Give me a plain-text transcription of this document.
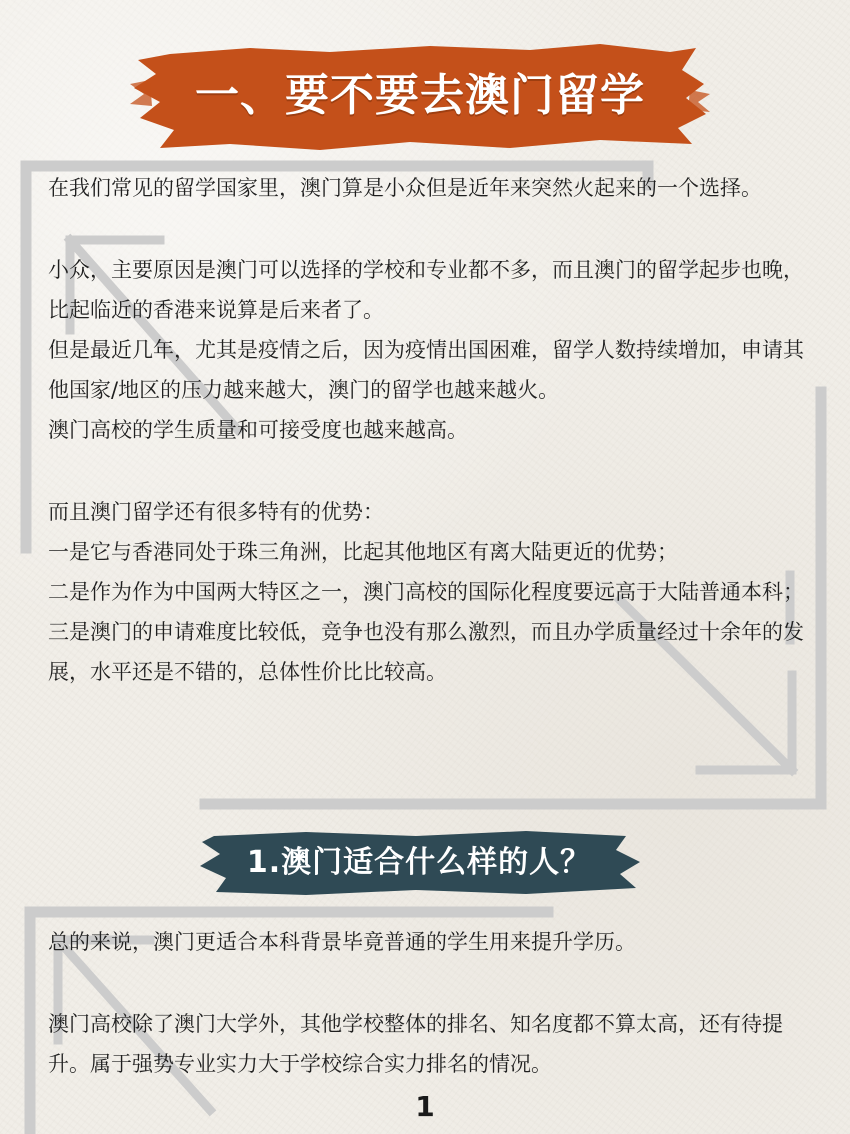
一、要不要去澳门留学

在我们常见的留学国家里，澳门算是小众但是近年来突然火起来的一个选择。

小众，主要原因是澳门可以选择的学校和专业都不多，而且澳门的留学起步也晚，比起临近的香港来说算是后来者了。

但是最近几年，尤其是疫情之后，因为疫情出国困难，留学人数持续增加，申请其他国家/地区的压力越来越大，澳门的留学也越来越火。

澳门高校的学生质量和可接受度也越来越高。

而且澳门留学还有很多特有的优势：

一是它与香港同处于珠三角洲，比起其他地区有离大陆更近的优势；

二是作为作为中国两大特区之一，澳门高校的国际化程度要远高于大陆普通本科；

三是澳门的申请难度比较低，竞争也没有那么激烈，而且办学质量经过十余年的发展，水平还是不错的，总体性价比比较高。

1.澳门适合什么样的人？

总的来说，澳门更适合本科背景毕竟普通的学生用来提升学历。

澳门高校除了澳门大学外，其他学校整体的排名、知名度都不算太高，还有待提升。属于强势专业实力大于学校综合实力排名的情况。

1
